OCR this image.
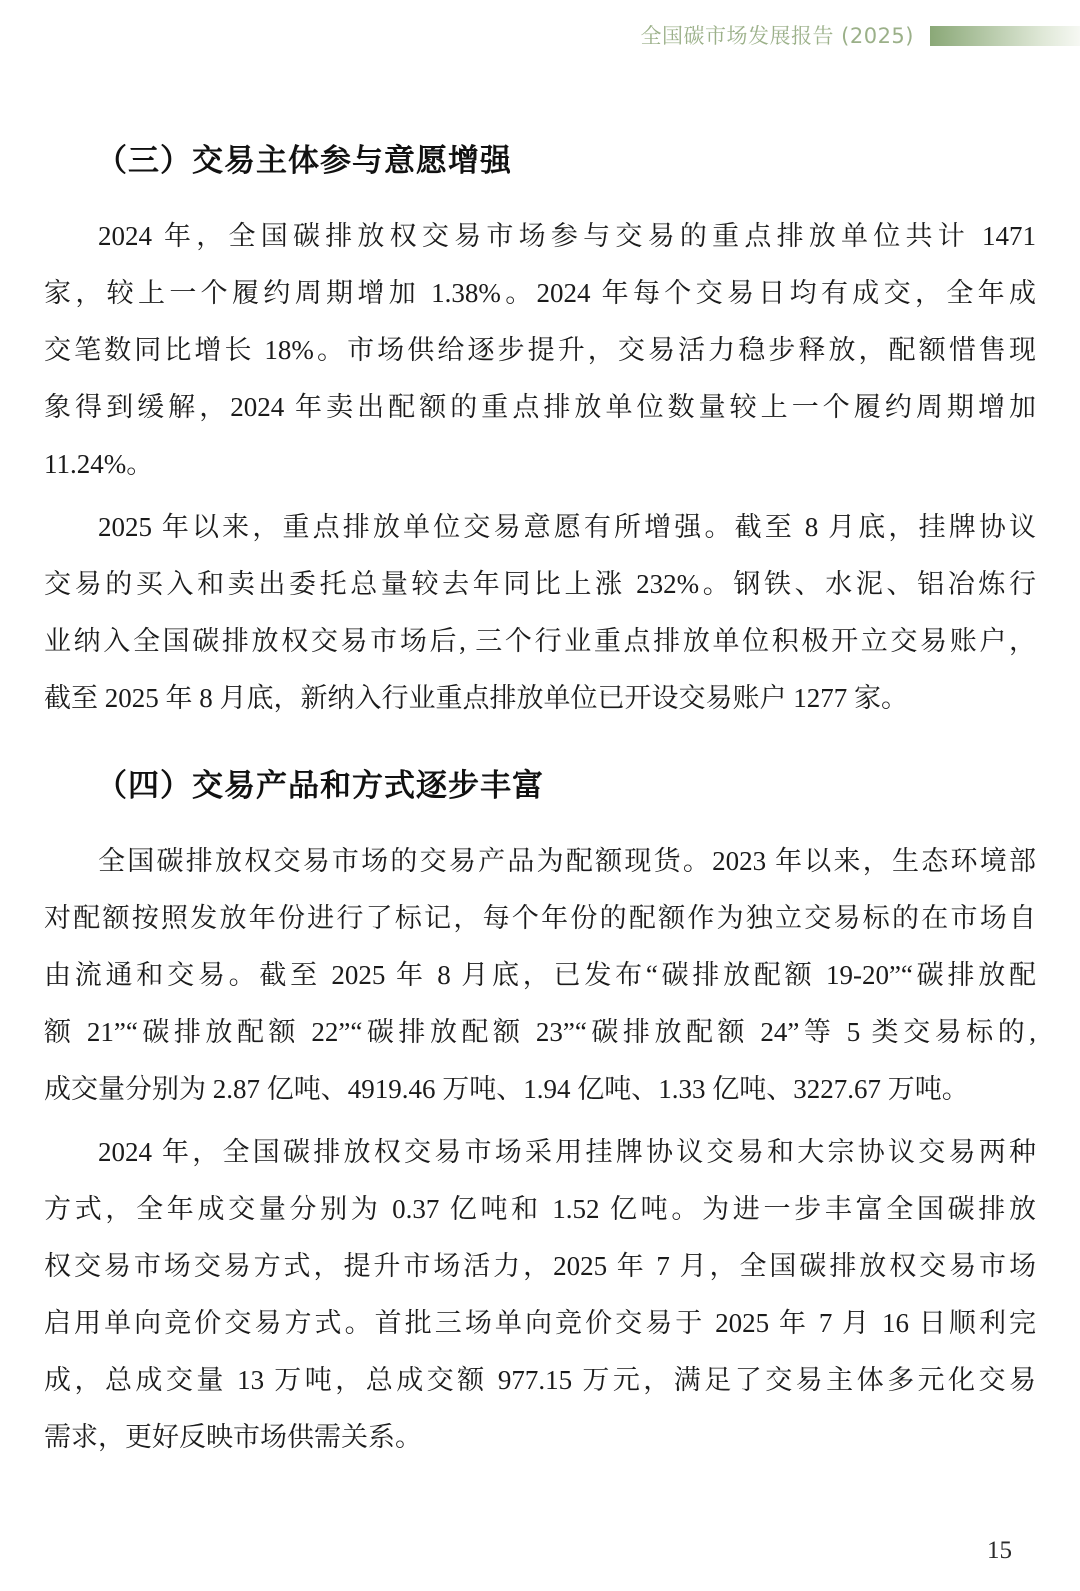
全国碳市场发展报告 (2025)
（三）交易主体参与意愿增强
2024 年，全国碳排放权交易市场参与交易的重点排放单位共计 1471
家，较上一个履约周期增加 1.38%。2024 年每个交易日均有成交，全年成
交笔数同比增长 18%。市场供给逐步提升，交易活力稳步释放，配额惜售现
象得到缓解，2024 年卖出配额的重点排放单位数量较上一个履约周期增加
11.24%。
2025 年以来，重点排放单位交易意愿有所增强。截至 8 月底，挂牌协议
交易的买入和卖出委托总量较去年同比上涨 232%。钢铁、水泥、铝冶炼行
业纳入全国碳排放权交易市场后, 三个行业重点排放单位积极开立交易账户，
截至 2025 年 8 月底，新纳入行业重点排放单位已开设交易账户 1277 家。
（四）交易产品和方式逐步丰富
全国碳排放权交易市场的交易产品为配额现货。2023 年以来，生态环境部
对配额按照发放年份进行了标记，每个年份的配额作为独立交易标的在市场自
由流通和交易。截至 2025 年 8 月底，已发布“碳排放配额 19-20”“碳排放配
额 21”“碳排放配额 22”“碳排放配额 23”“碳排放配额 24”等 5 类交易标的,
成交量分别为 2.87 亿吨、4919.46 万吨、1.94 亿吨、1.33 亿吨、3227.67 万吨。
2024 年，全国碳排放权交易市场采用挂牌协议交易和大宗协议交易两种
方式，全年成交量分别为 0.37 亿吨和 1.52 亿吨。为进一步丰富全国碳排放
权交易市场交易方式，提升市场活力，2025 年 7 月，全国碳排放权交易市场
启用单向竞价交易方式。首批三场单向竞价交易于 2025 年 7 月 16 日顺利完
成，总成交量 13 万吨，总成交额 977.15 万元，满足了交易主体多元化交易
需求，更好反映市场供需关系。
15
